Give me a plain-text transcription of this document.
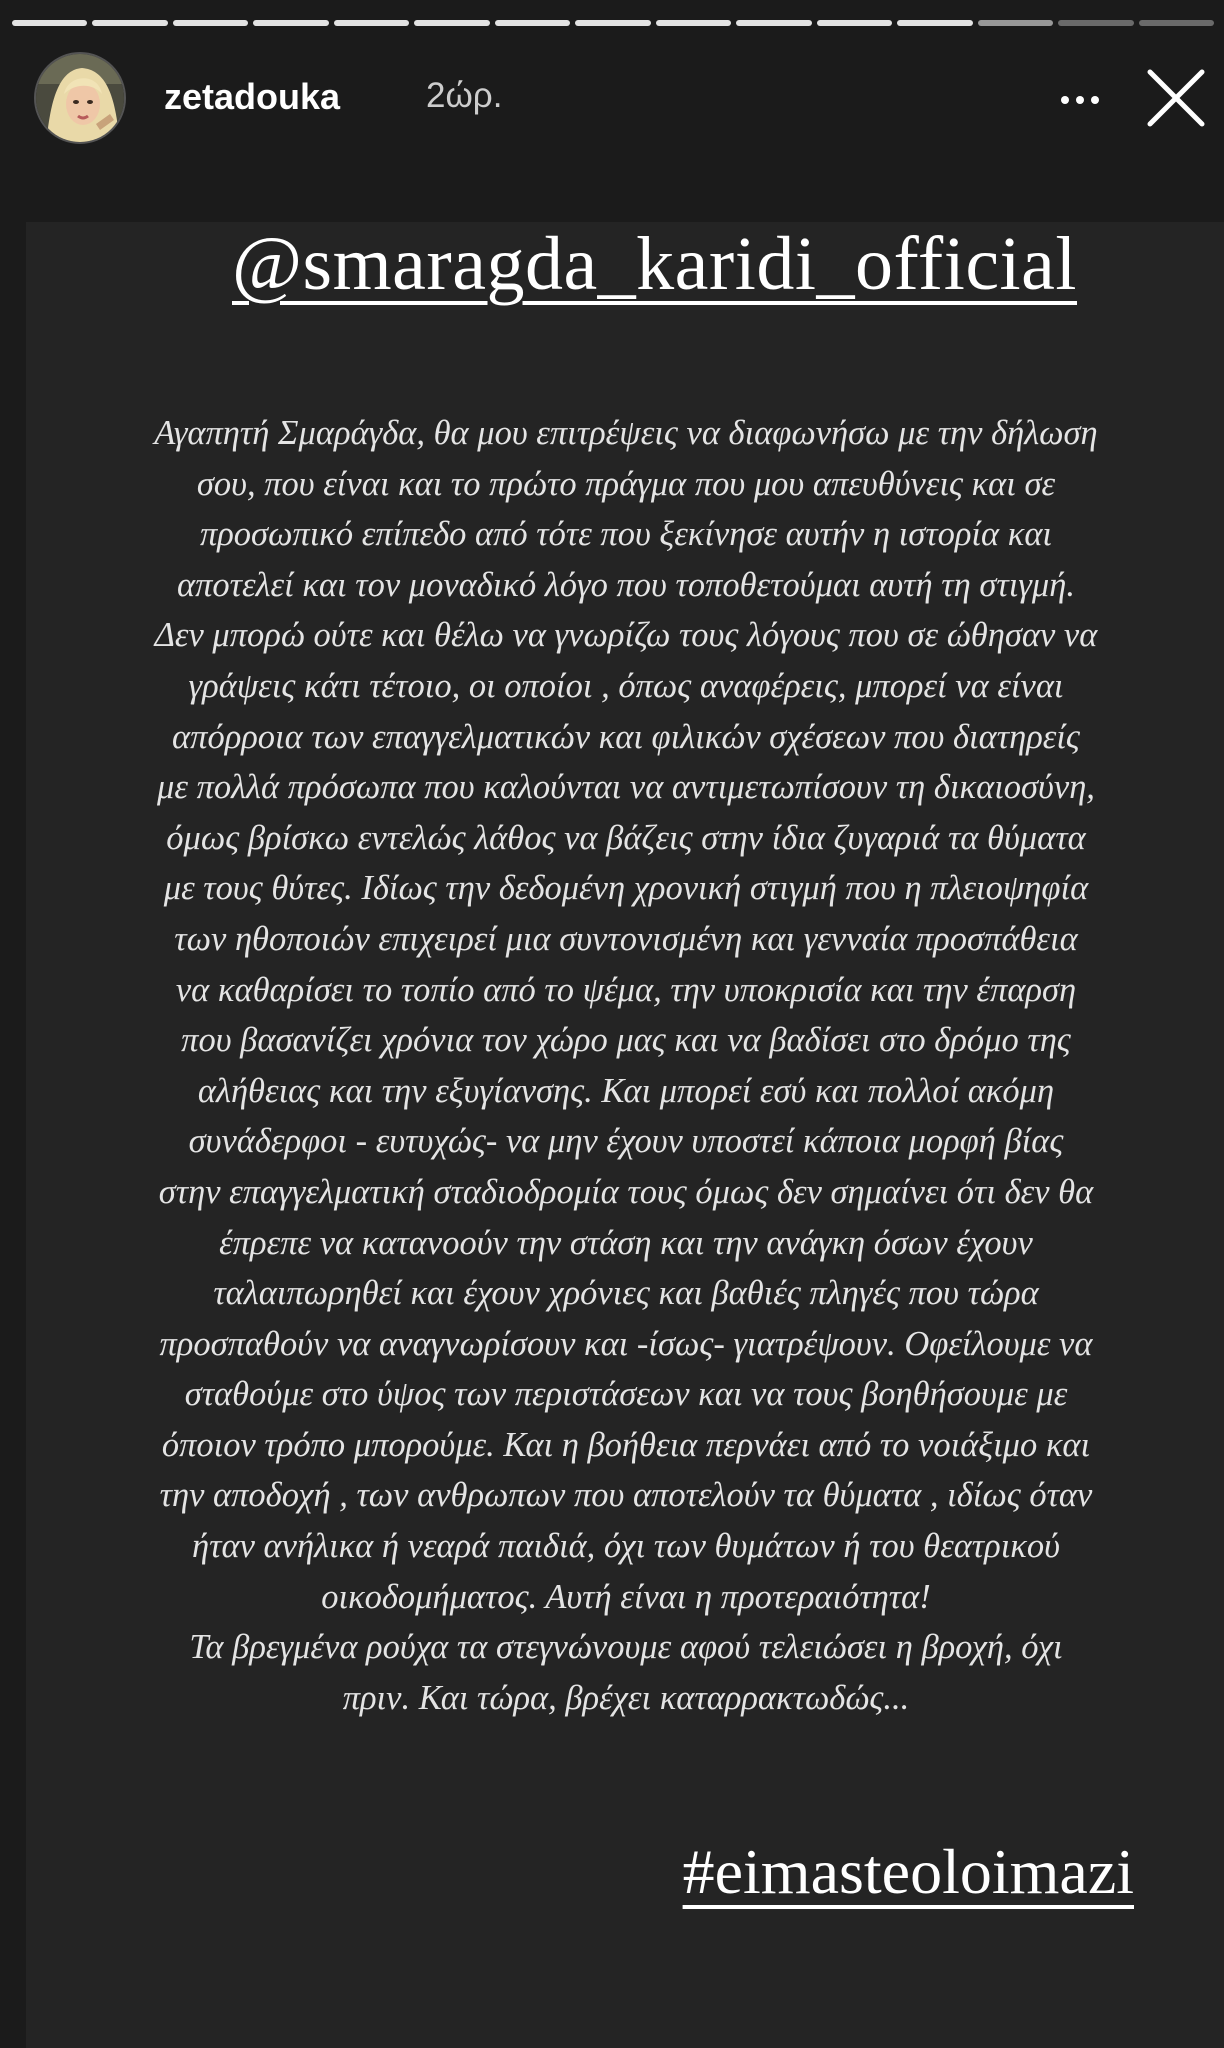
zetadouka 2ώρ.
@smaragda_karidi_official
Αγαπητή Σμαράγδα, θα μου επιτρέψεις να διαφωνήσω με την δήλωση
σου, που είναι και το πρώτο πράγμα που μου απευθύνεις και σε
προσωπικό επίπεδο από τότε που ξεκίνησε αυτήν η ιστορία και
αποτελεί και τον μοναδικό λόγο που τοποθετούμαι αυτή τη στιγμή.
Δεν μπορώ ούτε και θέλω να γνωρίζω τους λόγους που σε ώθησαν να
γράψεις κάτι τέτοιο, οι οποίοι , όπως αναφέρεις, μπορεί να είναι
απόρροια των επαγγελματικών και φιλικών σχέσεων που διατηρείς
με πολλά πρόσωπα που καλούνται να αντιμετωπίσουν τη δικαιοσύνη,
όμως βρίσκω εντελώς λάθος να βάζεις στην ίδια ζυγαριά τα θύματα
με τους θύτες. Ιδίως την δεδομένη χρονική στιγμή που η πλειοψηφία
των ηθοποιών επιχειρεί μια συντονισμένη και γενναία προσπάθεια
να καθαρίσει το τοπίο από το ψέμα, την υποκρισία και την έπαρση
που βασανίζει χρόνια τον χώρο μας και να βαδίσει στο δρόμο της
αλήθειας και την εξυγίανσης. Και μπορεί εσύ και πολλοί ακόμη
συνάδερφοι - ευτυχώς- να μην έχουν υποστεί κάποια μορφή βίας
στην επαγγελματική σταδιοδρομία τους όμως δεν σημαίνει ότι δεν θα
έπρεπε να κατανοούν την στάση και την ανάγκη όσων έχουν
ταλαιπωρηθεί και έχουν χρόνιες και βαθιές πληγές που τώρα
προσπαθούν να αναγνωρίσουν και -ίσως- γιατρέψουν. Οφείλουμε να
σταθούμε στο ύψος των περιστάσεων και να τους βοηθήσουμε με
όποιον τρόπο μπορούμε. Και η βοήθεια περνάει από το νοιάξιμο και
την αποδοχή , των ανθρωπων που αποτελούν τα θύματα , ιδίως όταν
ήταν ανήλικα ή νεαρά παιδιά, όχι των θυμάτων ή του θεατρικού
οικοδομήματος. Αυτή είναι η προτεραιότητα!
Τα βρεγμένα ρούχα τα στεγνώνουμε αφού τελειώσει η βροχή, όχι
πριν. Και τώρα, βρέχει καταρρακτωδώς...
#eimasteoloimazi
